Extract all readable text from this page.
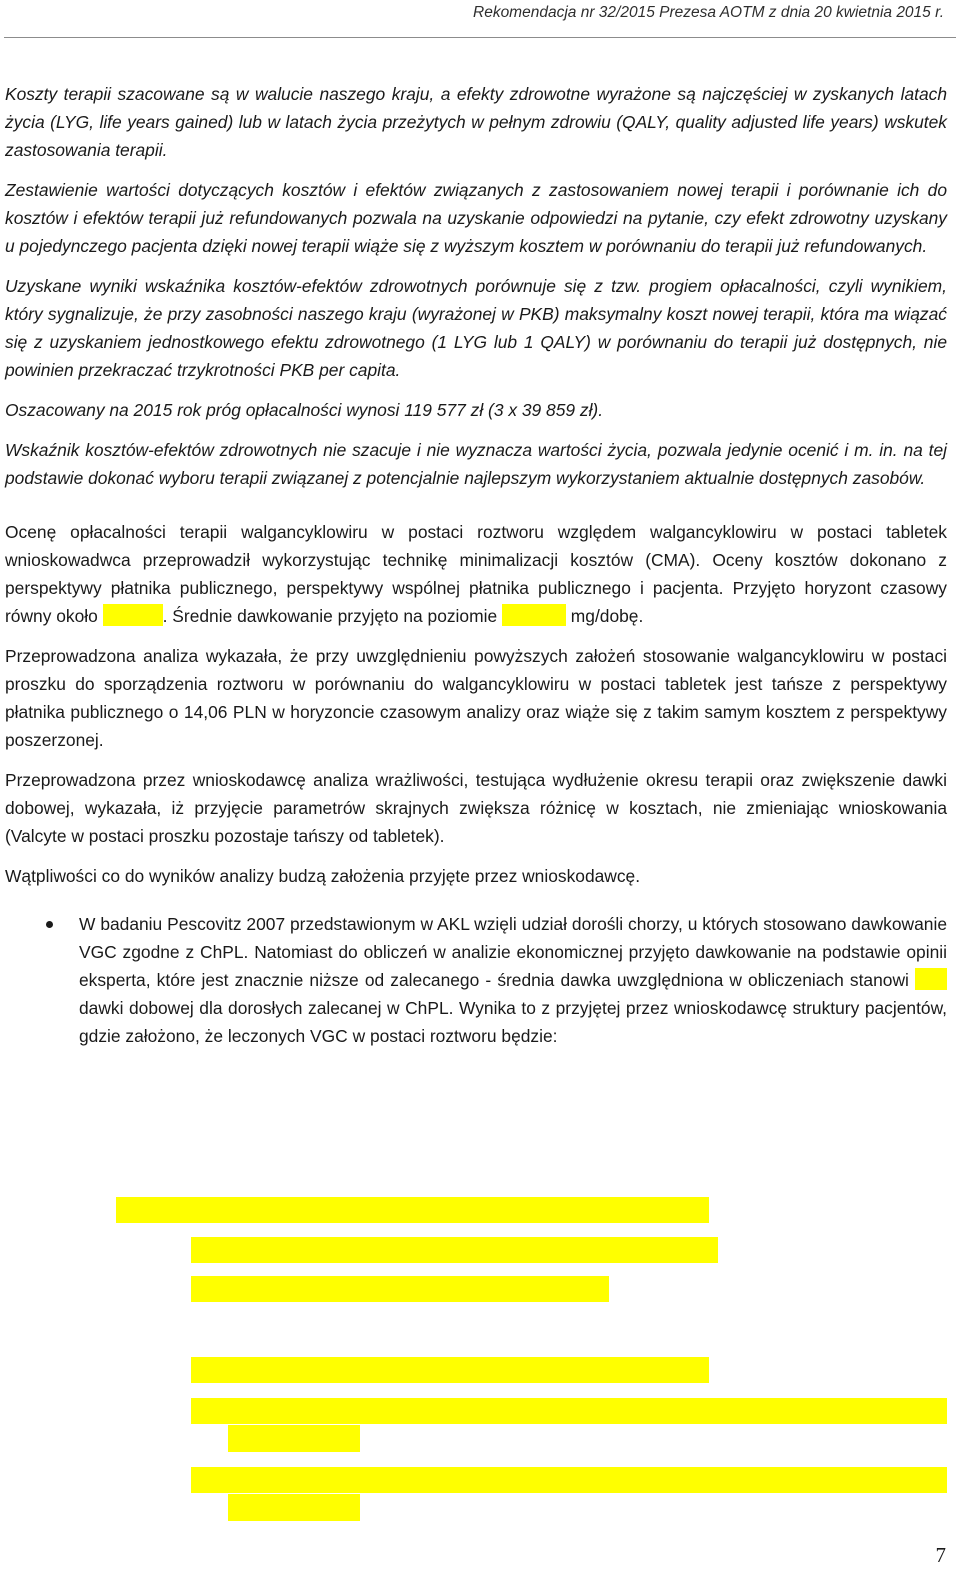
Rekomendacja nr 32/2015 Prezesa AOTM z dnia 20 kwietnia 2015 r.

Koszty terapii szacowane są w walucie naszego kraju, a efekty zdrowotne wyrażone są najczęściej w zyskanych latach życia (LYG, life years gained) lub w latach życia przeżytych w pełnym zdrowiu (QALY, quality adjusted life years) wskutek zastosowania terapii.

Zestawienie wartości dotyczących kosztów i efektów związanych z zastosowaniem nowej terapii i porównanie ich do kosztów i efektów terapii już refundowanych pozwala na uzyskanie odpowiedzi na pytanie, czy efekt zdrowotny uzyskany u pojedynczego pacjenta dzięki nowej terapii wiąże się z wyższym kosztem w porównaniu do terapii już refundowanych.

Uzyskane wyniki wskaźnika kosztów-efektów zdrowotnych porównuje się z tzw. progiem opłacalności, czyli wynikiem, który sygnalizuje, że przy zasobności naszego kraju (wyrażonej w PKB) maksymalny koszt nowej terapii, która ma wiązać się z uzyskaniem jednostkowego efektu zdrowotnego (1 LYG lub 1 QALY) w porównaniu do terapii już dostępnych, nie powinien przekraczać trzykrotności PKB per capita.

Oszacowany na 2015 rok próg opłacalności wynosi 119 577 zł (3 x 39 859 zł).

Wskaźnik kosztów-efektów zdrowotnych nie szacuje i nie wyznacza wartości życia, pozwala jedynie ocenić i m. in. na tej podstawie dokonać wyboru terapii związanej z potencjalnie najlepszym wykorzystaniem aktualnie dostępnych zasobów.

Ocenę opłacalności terapii walgancyklowiru w postaci roztworu względem walgancyklowiru w postaci tabletek wnioskowadwca przeprowadził wykorzystując technikę minimalizacji kosztów (CMA). Oceny kosztów dokonano z perspektywy płatnika publicznego, perspektywy wspólnej płatnika publicznego i pacjenta. Przyjęto horyzont czasowy równy około	. Średnie dawkowanie przyjęto na poziomie	mg/dobę.

Przeprowadzona analiza wykazała, że przy uwzględnieniu powyższych założeń stosowanie walgancyklowiru w postaci proszku do sporządzenia roztworu w porównaniu do walgancyklowiru w postaci tabletek jest tańsze z perspektywy płatnika publicznego o 14,06 PLN w horyzoncie czasowym analizy oraz wiąże się z takim samym kosztem z perspektywy poszerzonej.

Przeprowadzona przez wnioskodawcę analiza wrażliwości, testująca wydłużenie okresu terapii oraz zwiększenie dawki dobowej, wykazała, iż przyjęcie parametrów skrajnych zwiększa różnicę w kosztach, nie zmieniając wnioskowania (Valcyte w postaci proszku pozostaje tańszy od tabletek).

Wątpliwości co do wyników analizy budzą założenia przyjęte przez wnioskodawcę.

W badaniu Pescovitz 2007 przedstawionym w AKL wzięli udział dorośli chorzy, u których stosowano dawkowanie VGC zgodne z ChPL. Natomiast do obliczeń w analizie ekonomicznej przyjęto dawkowanie na podstawie opinii eksperta, które jest znacznie niższe od zalecanego - średnia dawka uwzględniona w obliczeniach stanowi  dawki dobowej dla dorosłych zalecanej w ChPL. Wynika to z przyjętej przez wnioskodawcę struktury pacjentów, gdzie założono, że leczonych VGC w postaci roztworu będzie:
7
